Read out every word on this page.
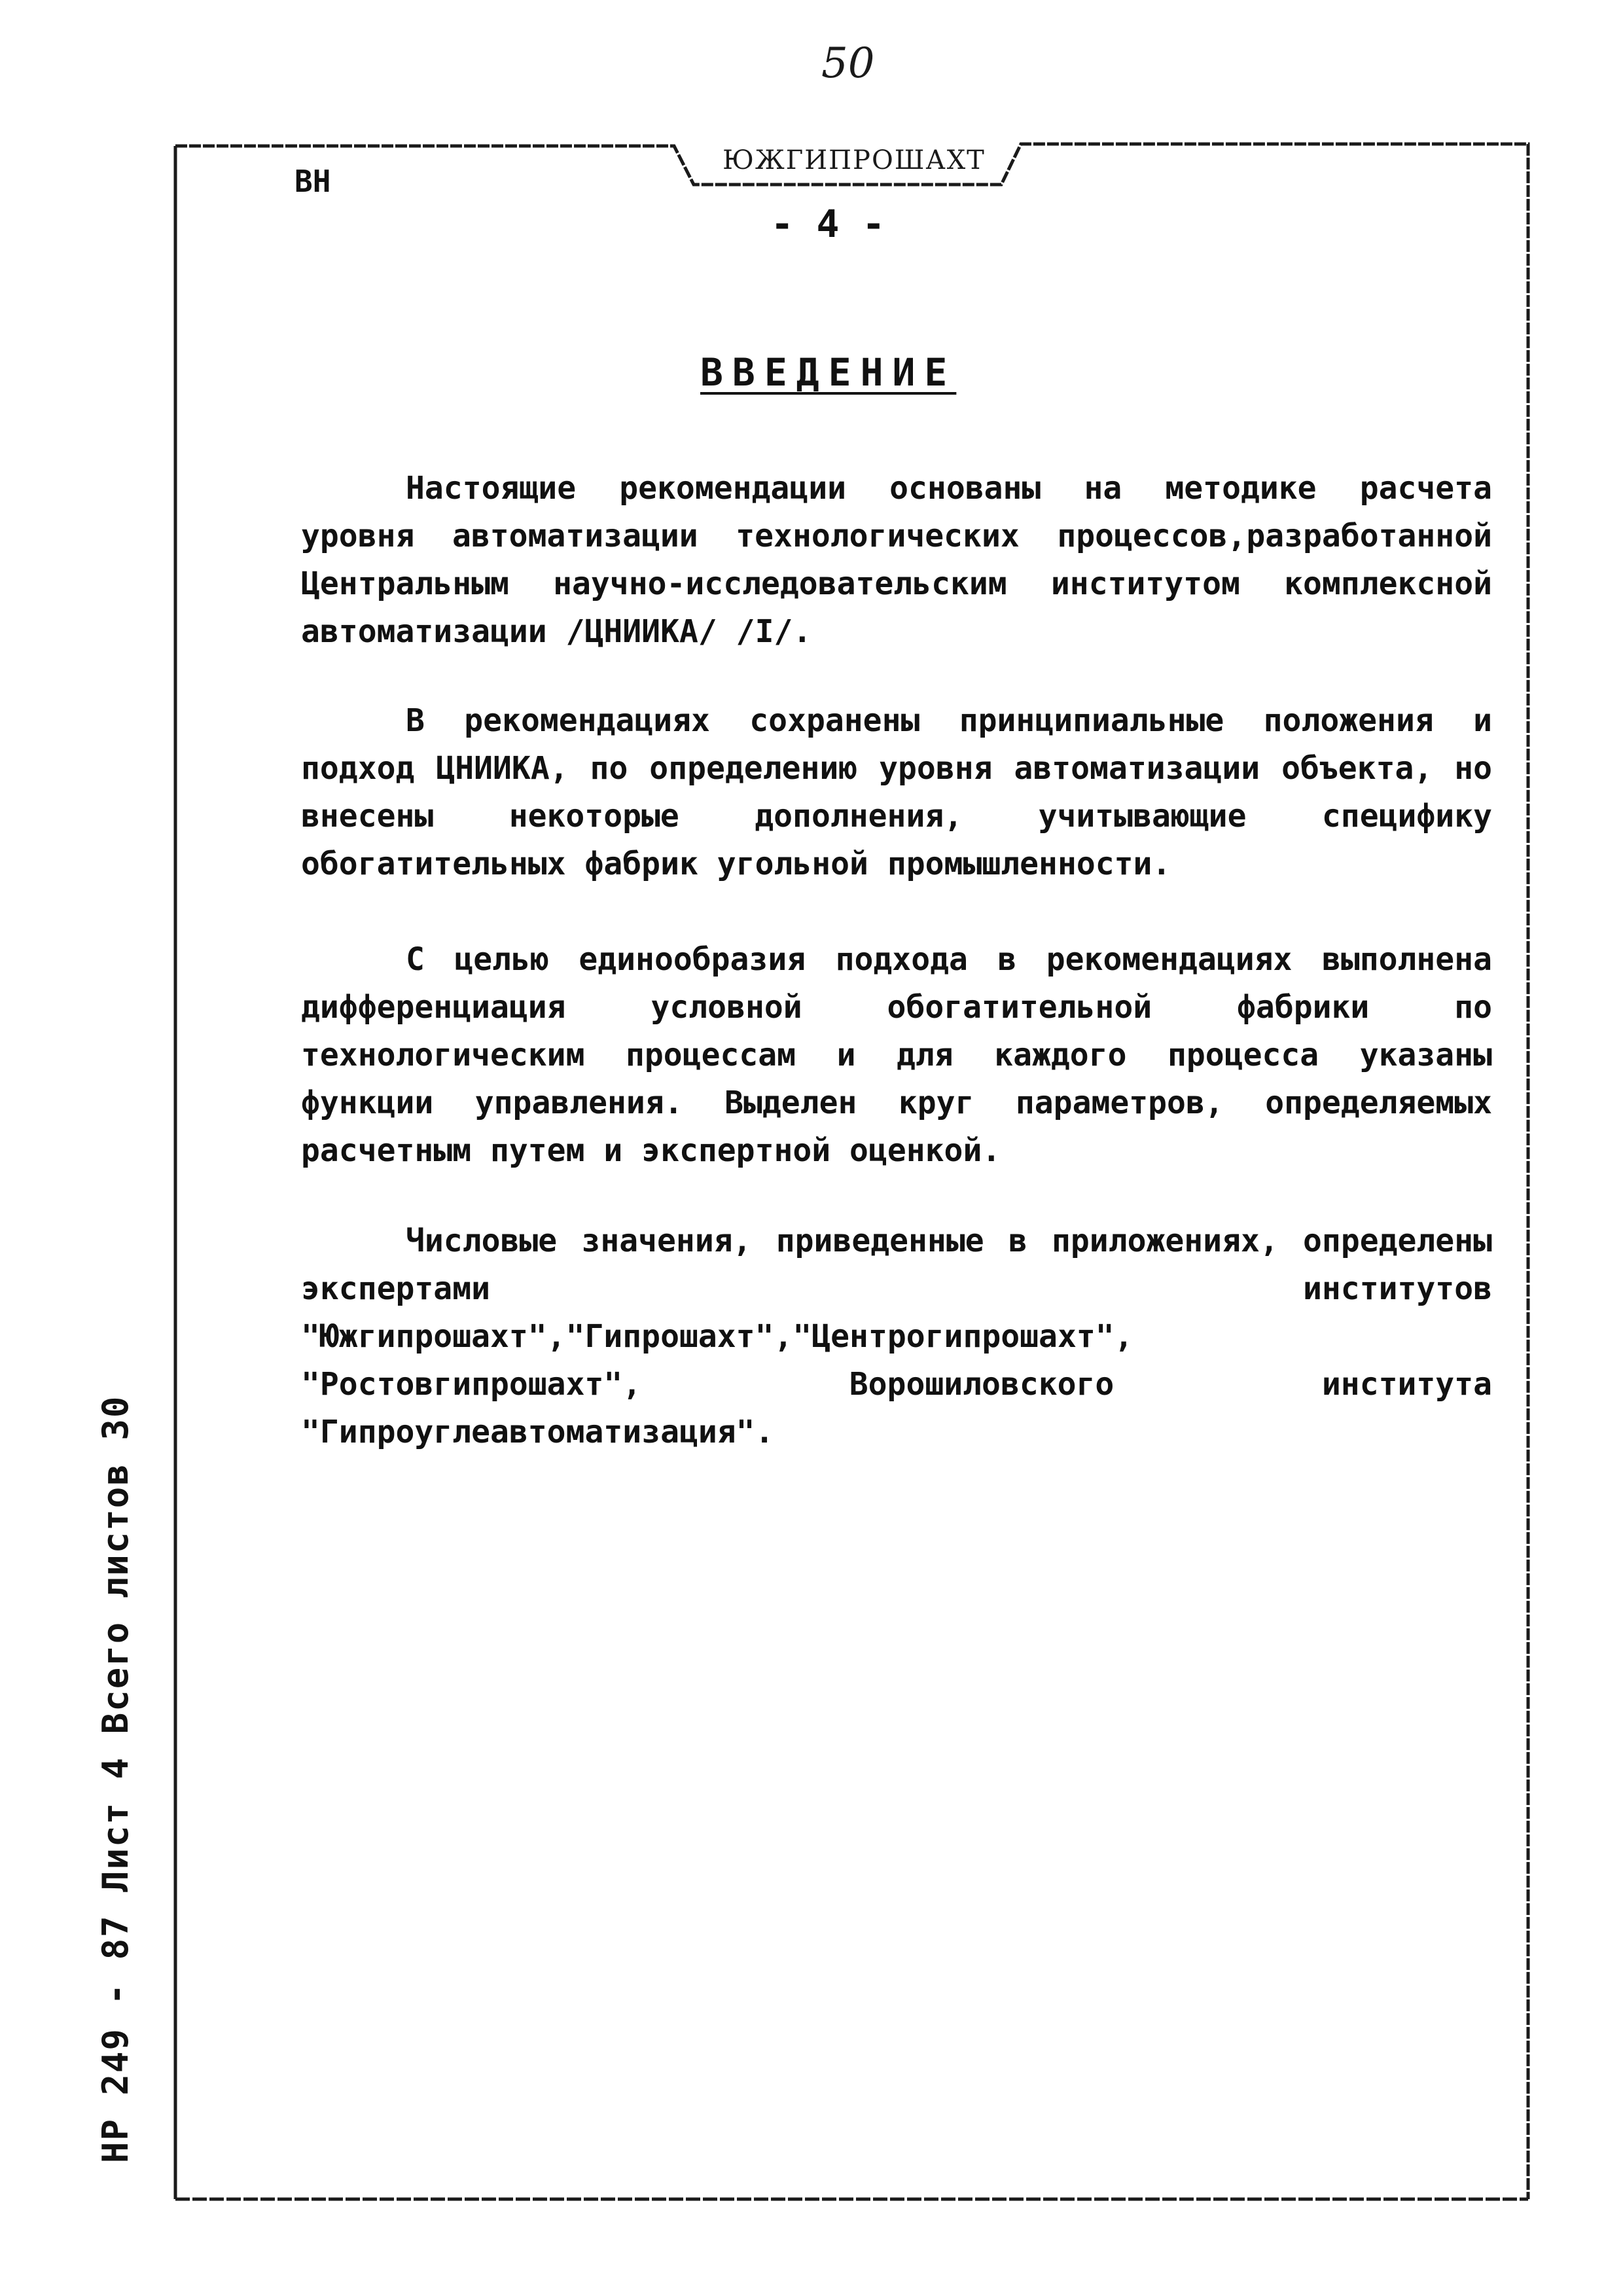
50
ЮЖГИПРОШАХТ
ВН
- 4 -
ВВЕДЕНИЕ
Настоящие рекомендации основаны на методике расчета уровня автоматизации технологических процессов,разработанной Центральным научно-исследовательским институтом комплексной автоматизации /ЦНИИКА/ /I/.
В рекомендациях сохранены принципиальные положения и подход ЦНИИКА, по определению уровня автоматизации объекта, но внесены некоторые дополнения, учитывающие специфику обогатительных фабрик угольной промышленности.
С целью единообразия подхода в рекомендациях выполнена дифференциация условной обогатительной фабрики по технологическим процессам и для каждого процесса указаны функции управления. Выделен круг параметров, определяемых расчетным путем и экспертной оценкой.
Числовые значения, приведенные в приложениях, определены экспертами институтов "Южгипрошахт","Гипрошахт","Центрогипрошахт", "Ростовгипрошахт", Ворошиловского института "Гипроуглеавтоматизация".
НР 249 - 87 Лист 4 Всего листов 30
